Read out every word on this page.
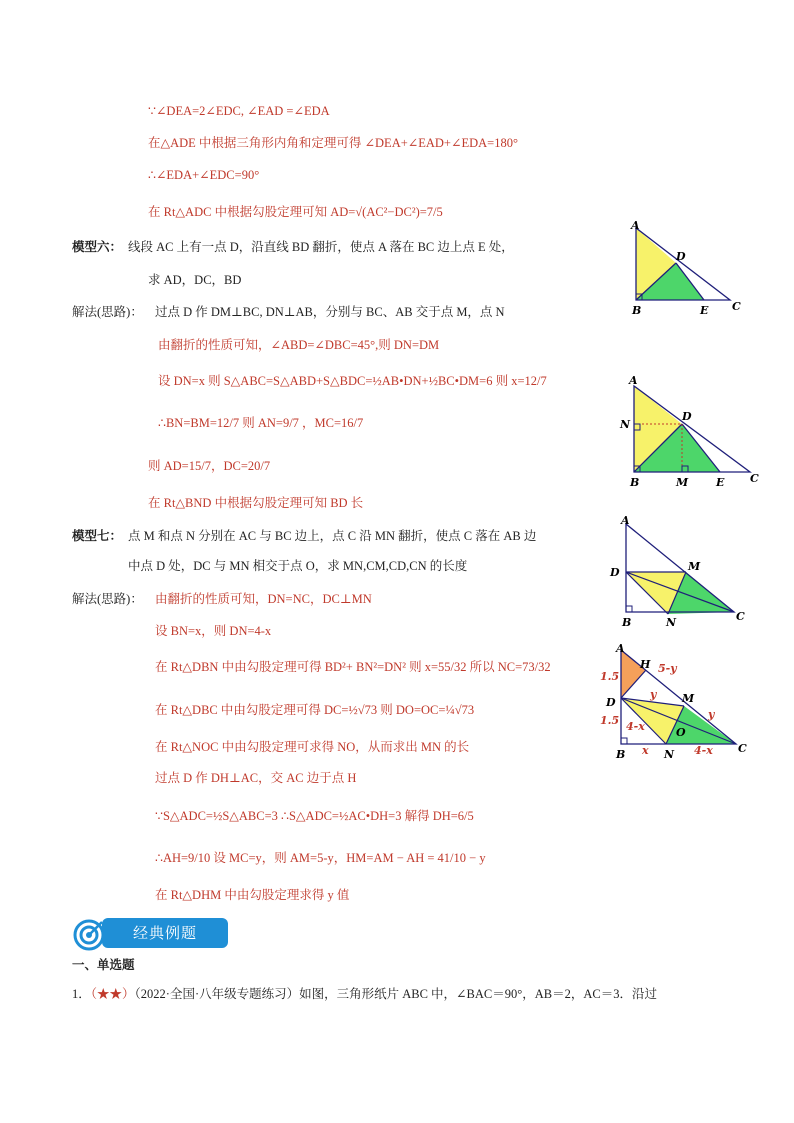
∵∠DEA=2∠EDC, ∠EAD =∠EDA
在△ADE 中根据三角形内角和定理可得 ∠DEA+∠EAD+∠EDA=180°
∴∠EDA+∠EDC=90°
在 Rt△ADC 中根据勾股定理可知 AD=√(AC²−DC²)=7/5
模型六： 线段 AC 上有一点 D，沿直线 BD 翻折，使点 A 落在 BC 边上点 E 处，
求 AD，DC，BD
解法(思路)： 过点 D 作 DM⊥BC, DN⊥AB，分别与 BC、AB 交于点 M，点 N
由翻折的性质可知，∠ABD=∠DBC=45°,则 DN=DM
设 DN=x 则 S△ABC=S△ABD+S△BDC=½AB•DN+½BC•DM=6 则 x=12/7
∴BN=BM=12/7 则 AN=9/7 ，MC=16/7
则 AD=15/7，DC=20/7
在 Rt△BND 中根据勾股定理可知 BD 长
模型七： 点 M 和点 N 分别在 AC 与 BC 边上，点 C 沿 MN 翻折，使点 C 落在 AB 边
中点 D 处，DC 与 MN 相交于点 O，求 MN,CM,CD,CN 的长度
解法(思路)： 由翻折的性质可知，DN=NC，DC⊥MN
设 BN=x，则 DN=4-x
在 Rt△DBN 中由勾股定理可得 BD²+ BN²=DN² 则 x=55/32 所以 NC=73/32
在 Rt△DBC 中由勾股定理可得 DC=½√73 则 DO=OC=¼√73
在 Rt△NOC 中由勾股定理可求得 NO，从而求出 MN 的长
过点 D 作 DH⊥AC，交 AC 边于点 H
∵S△ADC=½S△ABC=3 ∴S△ADC=½AC•DH=3 解得 DH=6/5
∴AH=9/10 设 MC=y，则 AM=5-y，HM=AM − AH = 41/10 − y
在 Rt△DHM 中由勾股定理求得 y 值
A
D
B	E C
A
N
D
B	M	E C
A
D	M
B	N	C
A
H 5-y
1.5
y M
D
y
1.5 4-x	O
B x N 4-x C
经典例题
一、单选题
1．（★★）（2022·全国·八年级专题练习）如图，三角形纸片 ABC 中，∠BAC＝90°，AB＝2，AC＝3．沿过
